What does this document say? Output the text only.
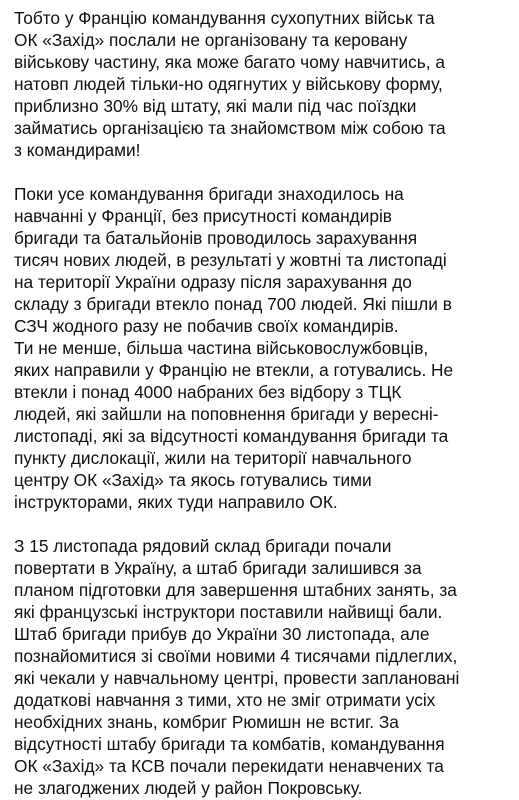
Тобто у Францію командування сухопутних військ та
ОК «Захід» послали не організовану та керовану
військову частину, яка може багато чому навчитись, а
натовп людей тільки-но одягнутих у військову форму,
приблизно 30% від штату, які мали під час поїздки
займатись організацією та знайомством між собою та
з командирами!
Поки усе командування бригади знаходилось на
навчанні у Франції, без присутності командирів
бригади та батальйонів проводилось зарахування
тисяч нових людей, в результаті у жовтні та листопаді
на території України одразу після зарахування до
складу з бригади втекло понад 700 людей. Які пішли в
СЗЧ жодного разу не побачив своїх командирів.
Ти не менше, більша частина військовослужбовців,
яких направили у Францію не втекли, а готувались. Не
втекли і понад 4000 набраних без відбору з ТЦК
людей, які зайшли на поповнення бригади у вересні-
листопаді, які за відсутності командування бригади та
пункту дислокації, жили на території навчального
центру ОК «Захід» та якось готувались тими
інструкторами, яких туди направило ОК.
З 15 листопада рядовий склад бригади почали
повертати в Україну, а штаб бригади залишився за
планом підготовки для завершення штабних занять, за
які французські інструктори поставили найвищі бали.
Штаб бригади прибув до України 30 листопада, але
познайомитися зі своїми новими 4 тисячами підлеглих,
які чекали у навчальному центрі, провести заплановані
додаткові навчання з тими, хто не зміг отримати усіх
необхідних знань, комбриг Рюмишн не встиг. За
відсутності штабу бригади та комбатів, командування
ОК «Захід» та КСВ почали перекидати ненавчених та
не злагоджених людей у район Покровську.
